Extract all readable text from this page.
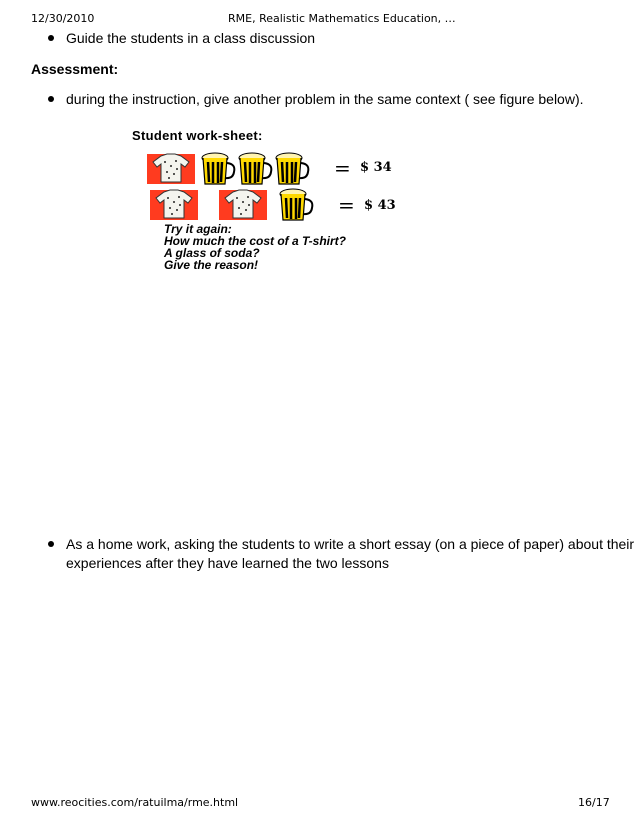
12/30/2010	RME, Realistic Mathematics Education, …
Guide the students in a class discussion
Assessment:
during the instruction, give another problem in the same context ( see figure below).
Student work-sheet:
= $ 34
= $ 43
Try it again:
How much the cost of a T-shirt?
A glass of soda?
Give the reason!
As a home work, asking the students to write a short essay (on a piece of paper) about their
experiences after they have learned the two lessons
www.reocities.com/ratuilma/rme.html	16/17
